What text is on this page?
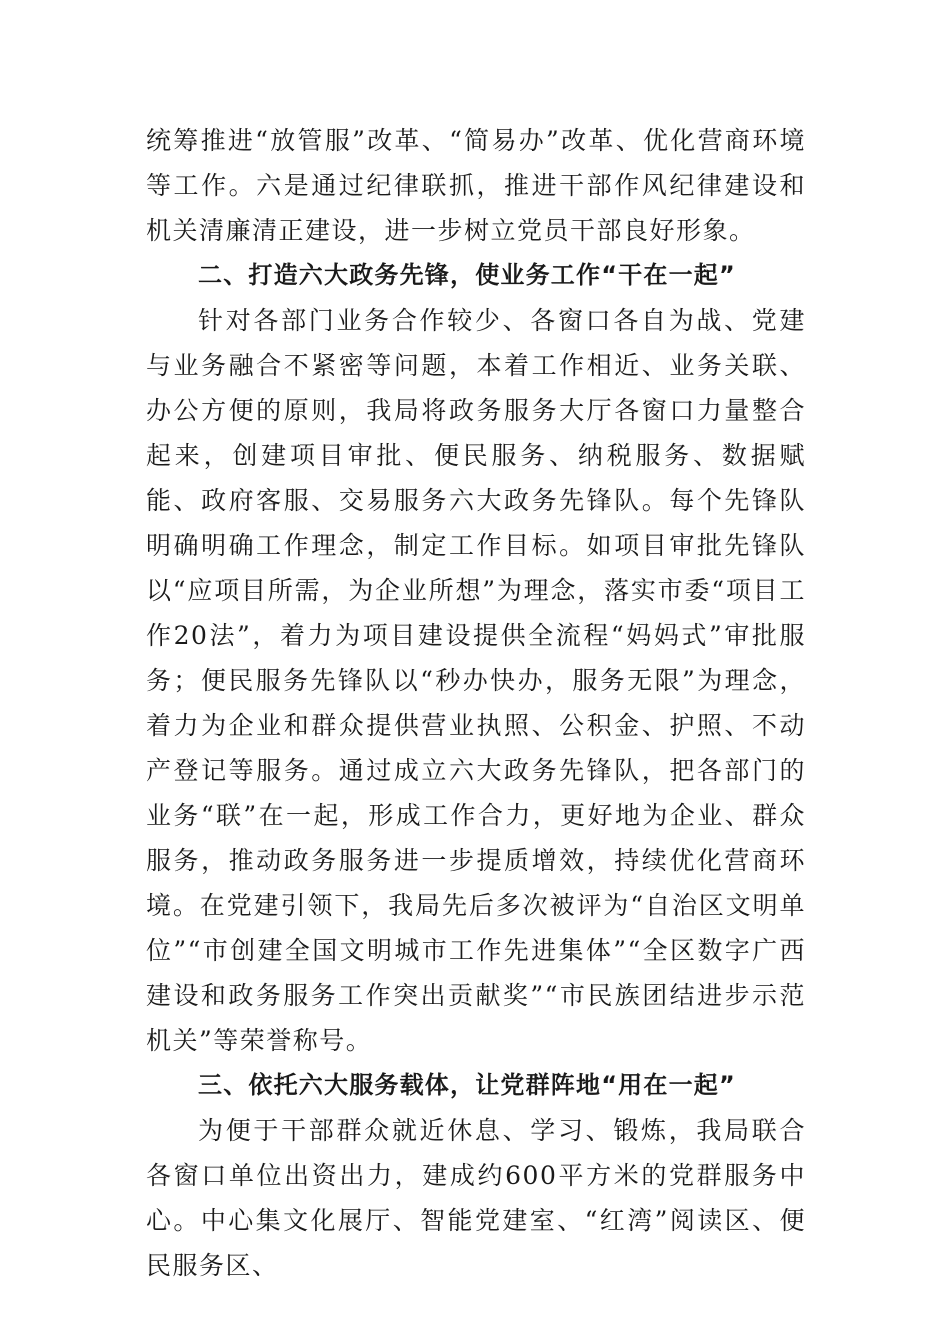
统筹推进“放管服”改革、“简易办”改革、优化营商环境等工作。六是通过纪律联抓，推进干部作风纪律建设和机关清廉清正建设，进一步树立党员干部良好形象。

二、打造六大政务先锋，使业务工作“干在一起”

针对各部门业务合作较少、各窗口各自为战、党建与业务融合不紧密等问题，本着工作相近、业务关联、办公方便的原则，我局将政务服务大厅各窗口力量整合起来，创建项目审批、便民服务、纳税服务、数据赋能、政府客服、交易服务六大政务先锋队。每个先锋队明确明确工作理念，制定工作目标。如项目审批先锋队以“应项目所需，为企业所想”为理念，落实市委“项目工作20法”，着力为项目建设提供全流程“妈妈式”审批服务；便民服务先锋队以“秒办快办，服务无限”为理念，着力为企业和群众提供营业执照、公积金、护照、不动产登记等服务。通过成立六大政务先锋队，把各部门的业务“联”在一起，形成工作合力，更好地为企业、群众服务，推动政务服务进一步提质增效，持续优化营商环境。在党建引领下，我局先后多次被评为“自治区文明单位”“市创建全国文明城市工作先进集体”“全区数字广西建设和政务服务工作突出贡献奖”“市民族团结进步示范机关”等荣誉称号。

三、依托六大服务载体，让党群阵地“用在一起”

为便于干部群众就近休息、学习、锻炼，我局联合各窗口单位出资出力，建成约600平方米的党群服务中心。中心集文化展厅、智能党建室、“红湾”阅读区、便民服务区、
